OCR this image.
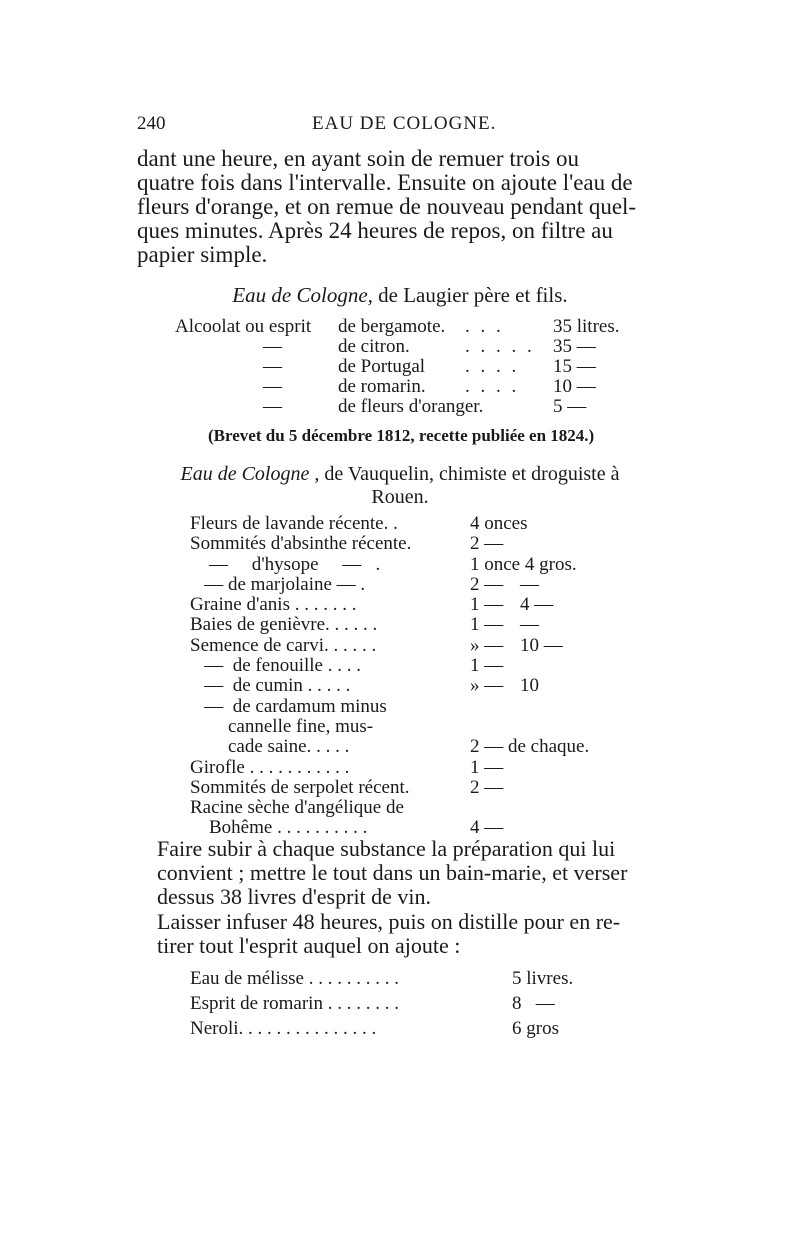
240	EAU DE COLOGNE.
dant une heure, en ayant soin de remuer trois ou
quatre fois dans l'intervalle. Ensuite on ajoute l'eau de
fleurs d'orange, et on remue de nouveau pendant quel-
ques minutes. Après 24 heures de repos, on filtre au
papier simple.
Eau de Cologne, de Laugier père et fils.
Alcoolat ou esprit de bergamote. . . .	35 litres.
—	de citron.	. . . . . 35 —
—	de Portugal . . . . 15 —
—	de romarin. . . . . 10 —
—	de fleurs d'oranger.	5 —
(Brevet du 5 décembre 1812, recette publiée en 1824.)
Eau de Cologne , de Vauquelin, chimiste et droguiste à
Rouen.
Fleurs de lavande récente. .	4 onces
Sommités d'absinthe récente.	2 —
—     d'hysope     —   .	1 once 4 gros.
— de marjolaine — .	2 — —
Graine d'anis . . . . . . .	1 — 4 —
Baies de genièvre. . . . . .	1 — —
Semence de carvi. . . . . .	» — 10 —
—  de fenouille . . . .	1 —
—  de cumin . . . . .	» — 10
—  de cardamum minus
cannelle fine, mus-
cade saine. . . . .	2 — de chaque.
Girofle . . . . . . . . . . .	1 —
Sommités de serpolet récent.	2 —
Racine sèche d'angélique de
Bohême . . . . . . . . . .	4 —
Faire subir à chaque substance la préparation qui lui
convient ; mettre le tout dans un bain-marie, et verser
dessus 38 livres d'esprit de vin.
Laisser infuser 48 heures, puis on distille pour en re-
tirer tout l'esprit auquel on ajoute :
Eau de mélisse . . . . . . . . . .	5 livres.
Esprit de romarin . . . . . . . .	8   —
Neroli. . . . . . . . . . . . . . .	6 gros
